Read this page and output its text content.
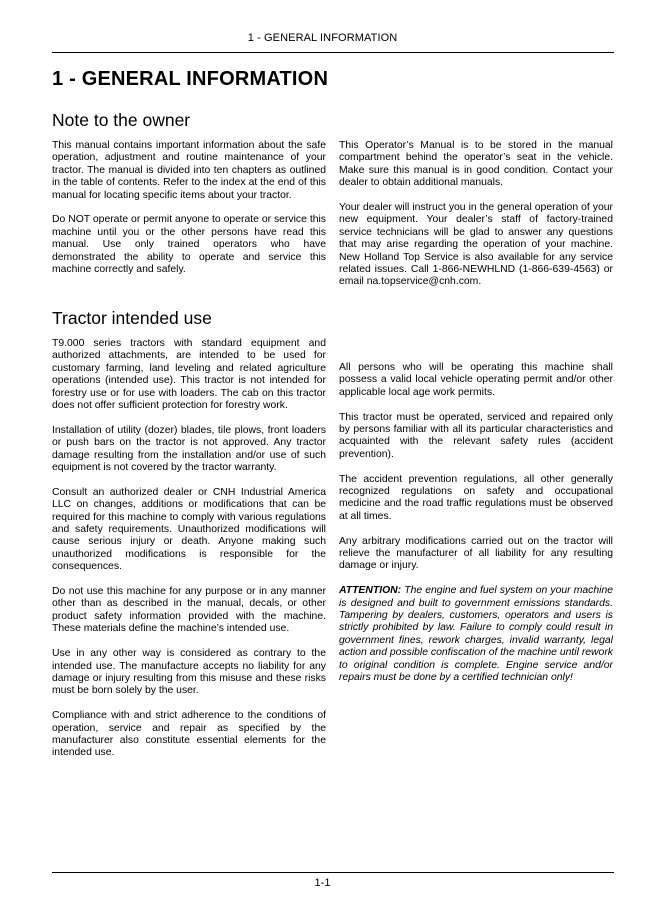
1 - GENERAL INFORMATION
1 - GENERAL INFORMATION
Note to the owner

This manual contains important information about the safe operation, adjustment and routine maintenance of your tractor. The manual is divided into ten chapters as outlined in the table of contents. Refer to the index at the end of this manual for locating specific items about your tractor.

Do NOT operate or permit anyone to operate or service this machine until you or the other persons have read this manual. Use only trained operators who have demonstrated the ability to operate and service this machine correctly and safely.

This Operator’s Manual is to be stored in the manual compartment behind the operator’s seat in the vehicle. Make sure this manual is in good condition. Contact your dealer to obtain additional manuals.

Your dealer will instruct you in the general operation of your new equipment. Your dealer’s staff of factory-trained service technicians will be glad to answer any questions that may arise regarding the operation of your machine. New Holland Top Service is also available for any service related issues. Call 1-866-NEWHLND (1-866-639-4563) or email na.topservice@cnh.com.

Tractor intended use

T9.000 series tractors with standard equipment and authorized attachments, are intended to be used for customary farming, land leveling and related agriculture operations (intended use). This tractor is not intended for forestry use or for use with loaders. The cab on this tractor does not offer sufficient protection for forestry work.

Installation of utility (dozer) blades, tile plows, front loaders or push bars on the tractor is not approved. Any tractor damage resulting from the installation and/or use of such equipment is not covered by the tractor warranty.

Consult an authorized dealer or CNH Industrial America LLC on changes, additions or modifications that can be required for this machine to comply with various regulations and safety requirements. Unauthorized modifications will cause serious injury or death. Anyone making such unauthorized modifications is responsible for the consequences.

Do not use this machine for any purpose or in any manner other than as described in the manual, decals, or other product safety information provided with the machine. These materials define the machine’s intended use.

Use in any other way is considered as contrary to the intended use. The manufacture accepts no liability for any damage or injury resulting from this misuse and these risks must be born solely by the user.

Compliance with and strict adherence to the conditions of operation, service and repair as specified by the manufacturer also constitute essential elements for the intended use.

All persons who will be operating this machine shall possess a valid local vehicle operating permit and/or other applicable local age work permits.

This tractor must be operated, serviced and repaired only by persons familiar with all its particular characteristics and acquainted with the relevant safety rules (accident prevention).

The accident prevention regulations, all other generally recognized regulations on safety and occupational medicine and the road traffic regulations must be observed at all times.

Any arbitrary modifications carried out on the tractor will relieve the manufacturer of all liability for any resulting damage or injury.

ATTENTION: The engine and fuel system on your machine is designed and built to government emissions standards. Tampering by dealers, customers, operators and users is strictly prohibited by law. Failure to comply could result in government fines, rework charges, invalid warranty, legal action and possible confiscation of the machine until rework to original condition is complete. Engine service and/or repairs must be done by a certified technician only!

1-1
